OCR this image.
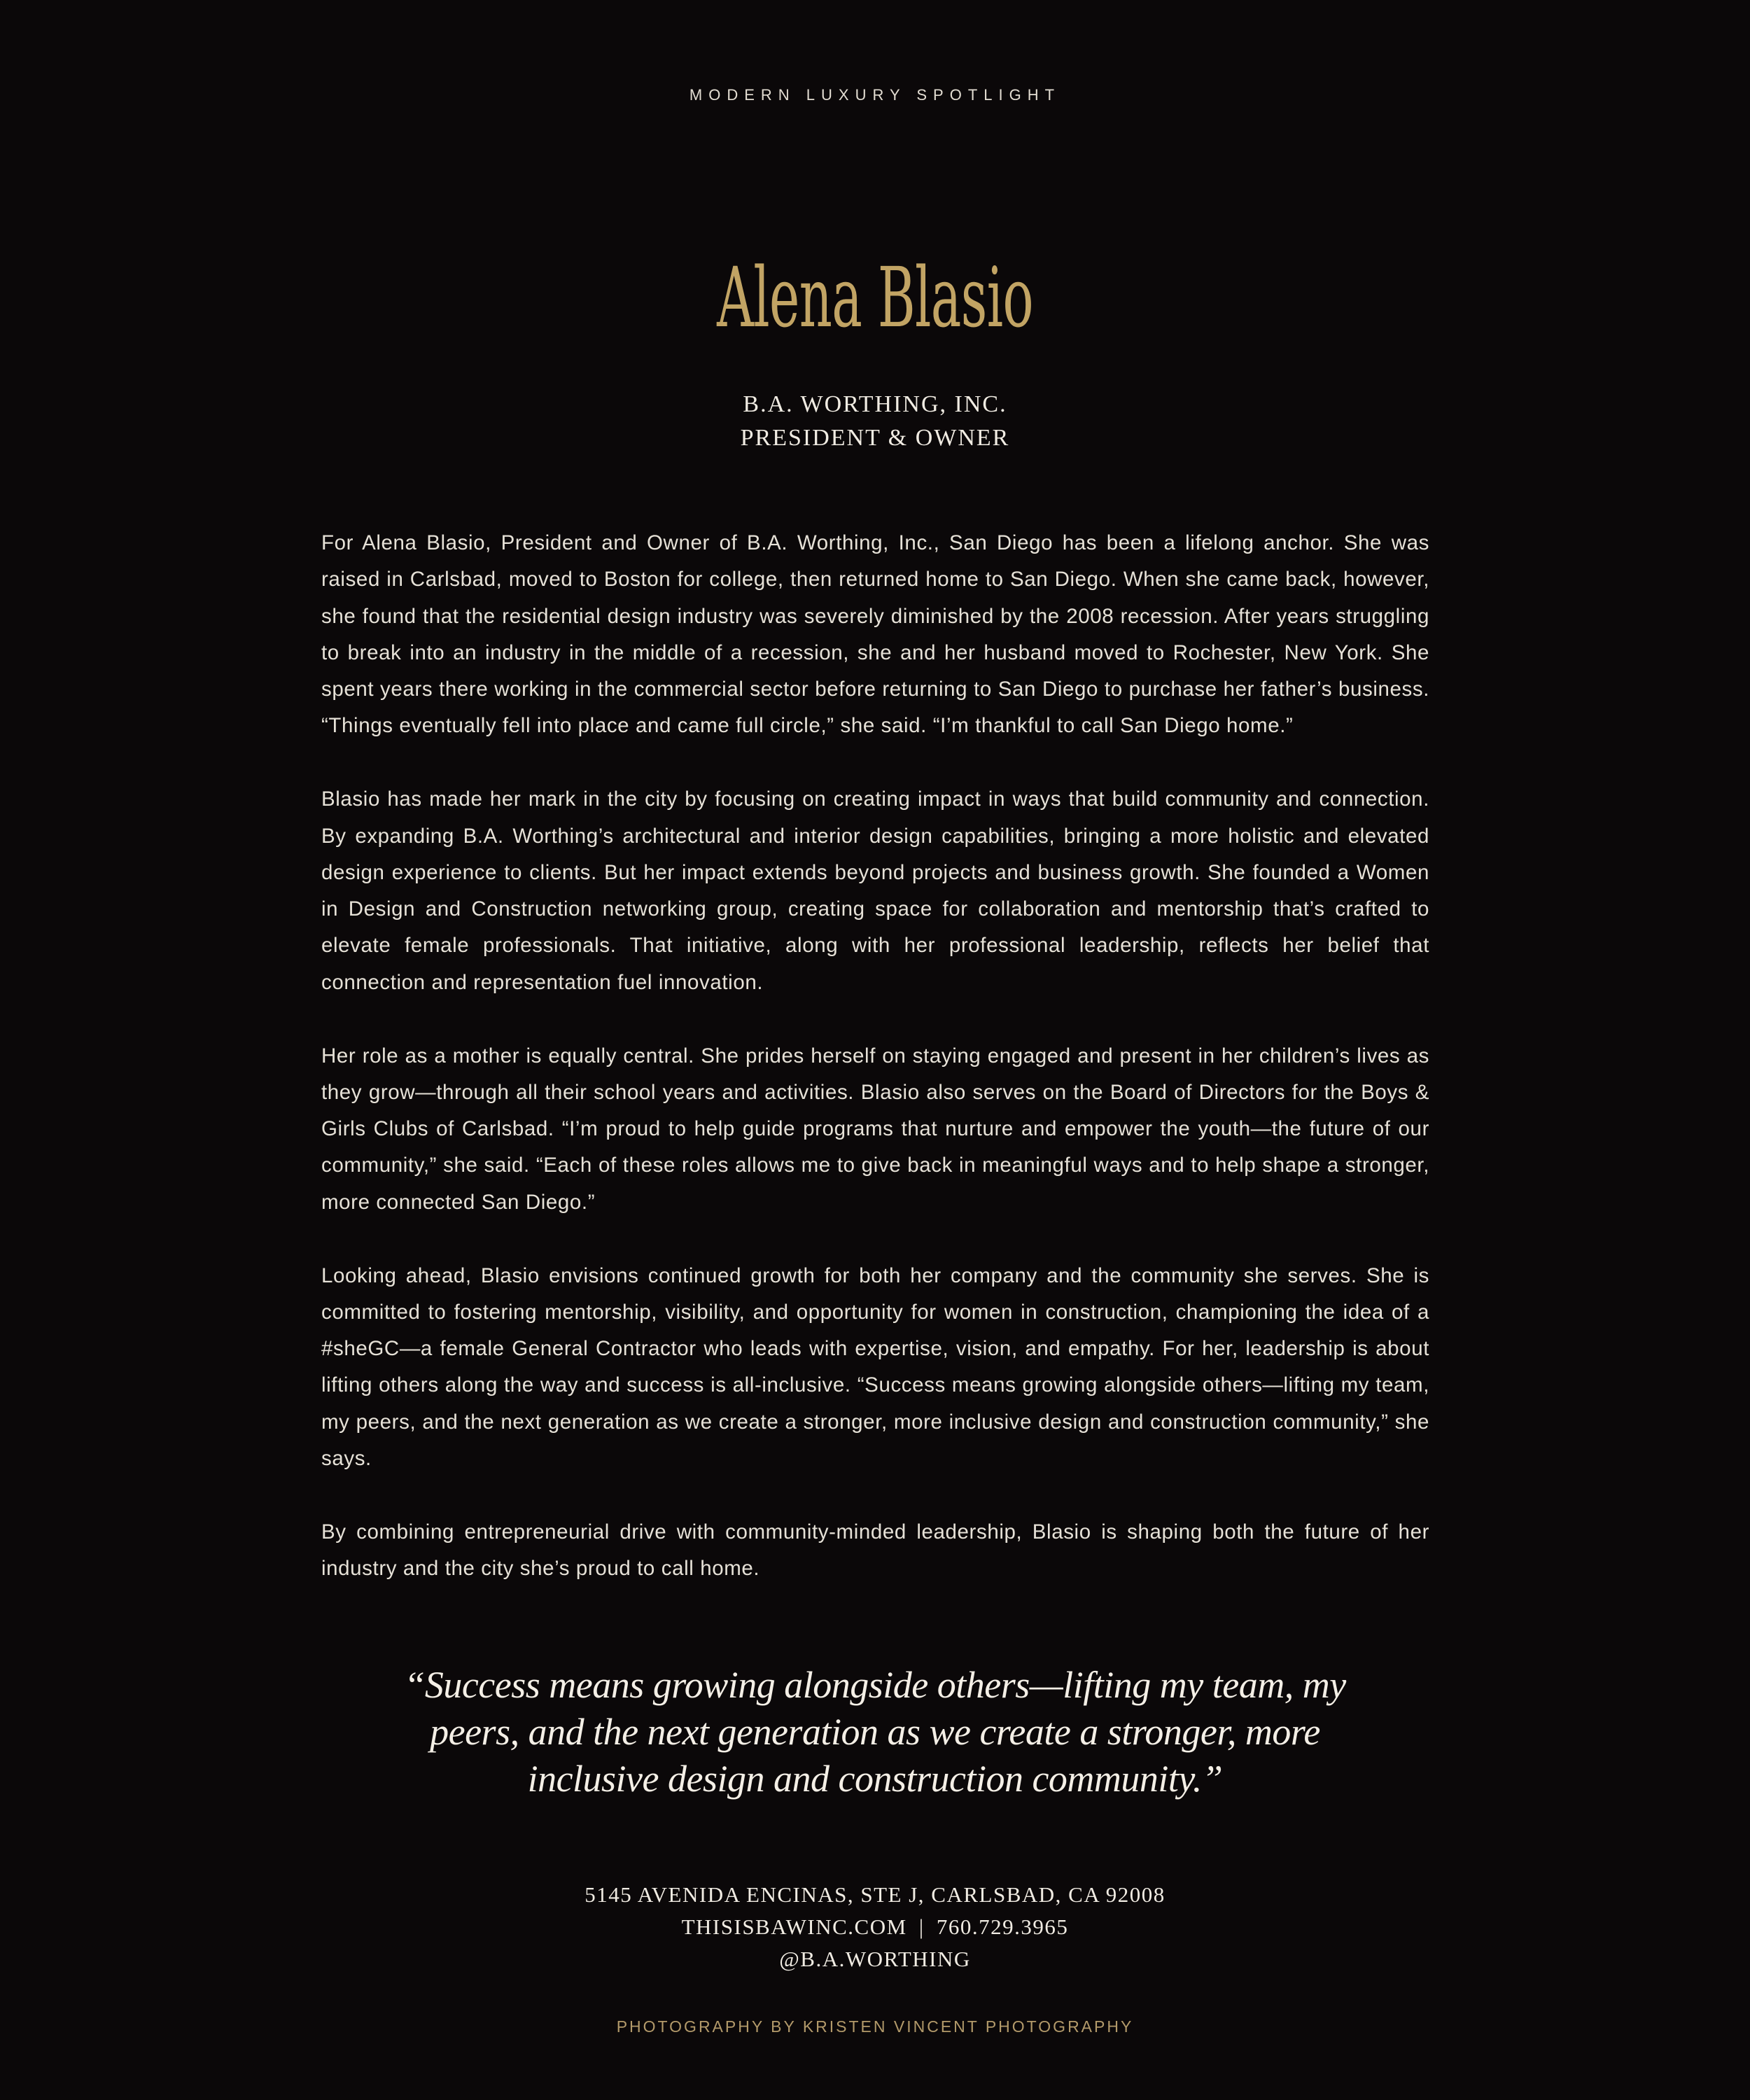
MODERN LUXURY SPOTLIGHT
Alena Blasio
B.A. WORTHING, INC.
PRESIDENT & OWNER

For Alena Blasio, President and Owner of B.A. Worthing, Inc., San Diego has been a lifelong anchor. She was raised in Carlsbad, moved to Boston for college, then returned home to San Diego. When she came back, however, she found that the residential design industry was severely diminished by the 2008 recession. After years struggling to break into an industry in the middle of a recession, she and her husband moved to Rochester, New York. She spent years there working in the commercial sector before returning to San Diego to purchase her father’s business. “Things eventually fell into place and came full circle,” she said. “I’m thankful to call San Diego home.”

Blasio has made her mark in the city by focusing on creating impact in ways that build community and connection. By expanding B.A. Worthing’s architectural and interior design capabilities, bringing a more holistic and elevated design experience to clients. But her impact extends beyond projects and business growth. She founded a Women in Design and Construction networking group, creating space for collaboration and mentorship that’s crafted to elevate female professionals. That initiative, along with her professional leadership, reflects her belief that connection and representation fuel innovation.

Her role as a mother is equally central. She prides herself on staying engaged and present in her children’s lives as they grow—through all their school years and activities. Blasio also serves on the Board of Directors for the Boys & Girls Clubs of Carlsbad. “I’m proud to help guide programs that nurture and empower the youth—the future of our community,” she said. “Each of these roles allows me to give back in meaningful ways and to help shape a stronger, more connected San Diego.”

Looking ahead, Blasio envisions continued growth for both her company and the community she serves. She is committed to fostering mentorship, visibility, and opportunity for women in construction, championing the idea of a #sheGC—a female General Contractor who leads with expertise, vision, and empathy. For her, leadership is about lifting others along the way and success is all-inclusive. “Success means growing alongside others—lifting my team, my peers, and the next generation as we create a stronger, more inclusive design and construction community,” she says.

By combining entrepreneurial drive with community-minded leadership, Blasio is shaping both the future of her industry and the city she’s proud to call home.

“Success means growing alongside others—lifting my team, my peers, and the next generation as we create a stronger, more inclusive design and construction community.”
5145 AVENIDA ENCINAS, STE J, CARLSBAD, CA 92008
THISISBAWINC.COM | 760.729.3965
@B.A.WORTHING
PHOTOGRAPHY BY KRISTEN VINCENT PHOTOGRAPHY
